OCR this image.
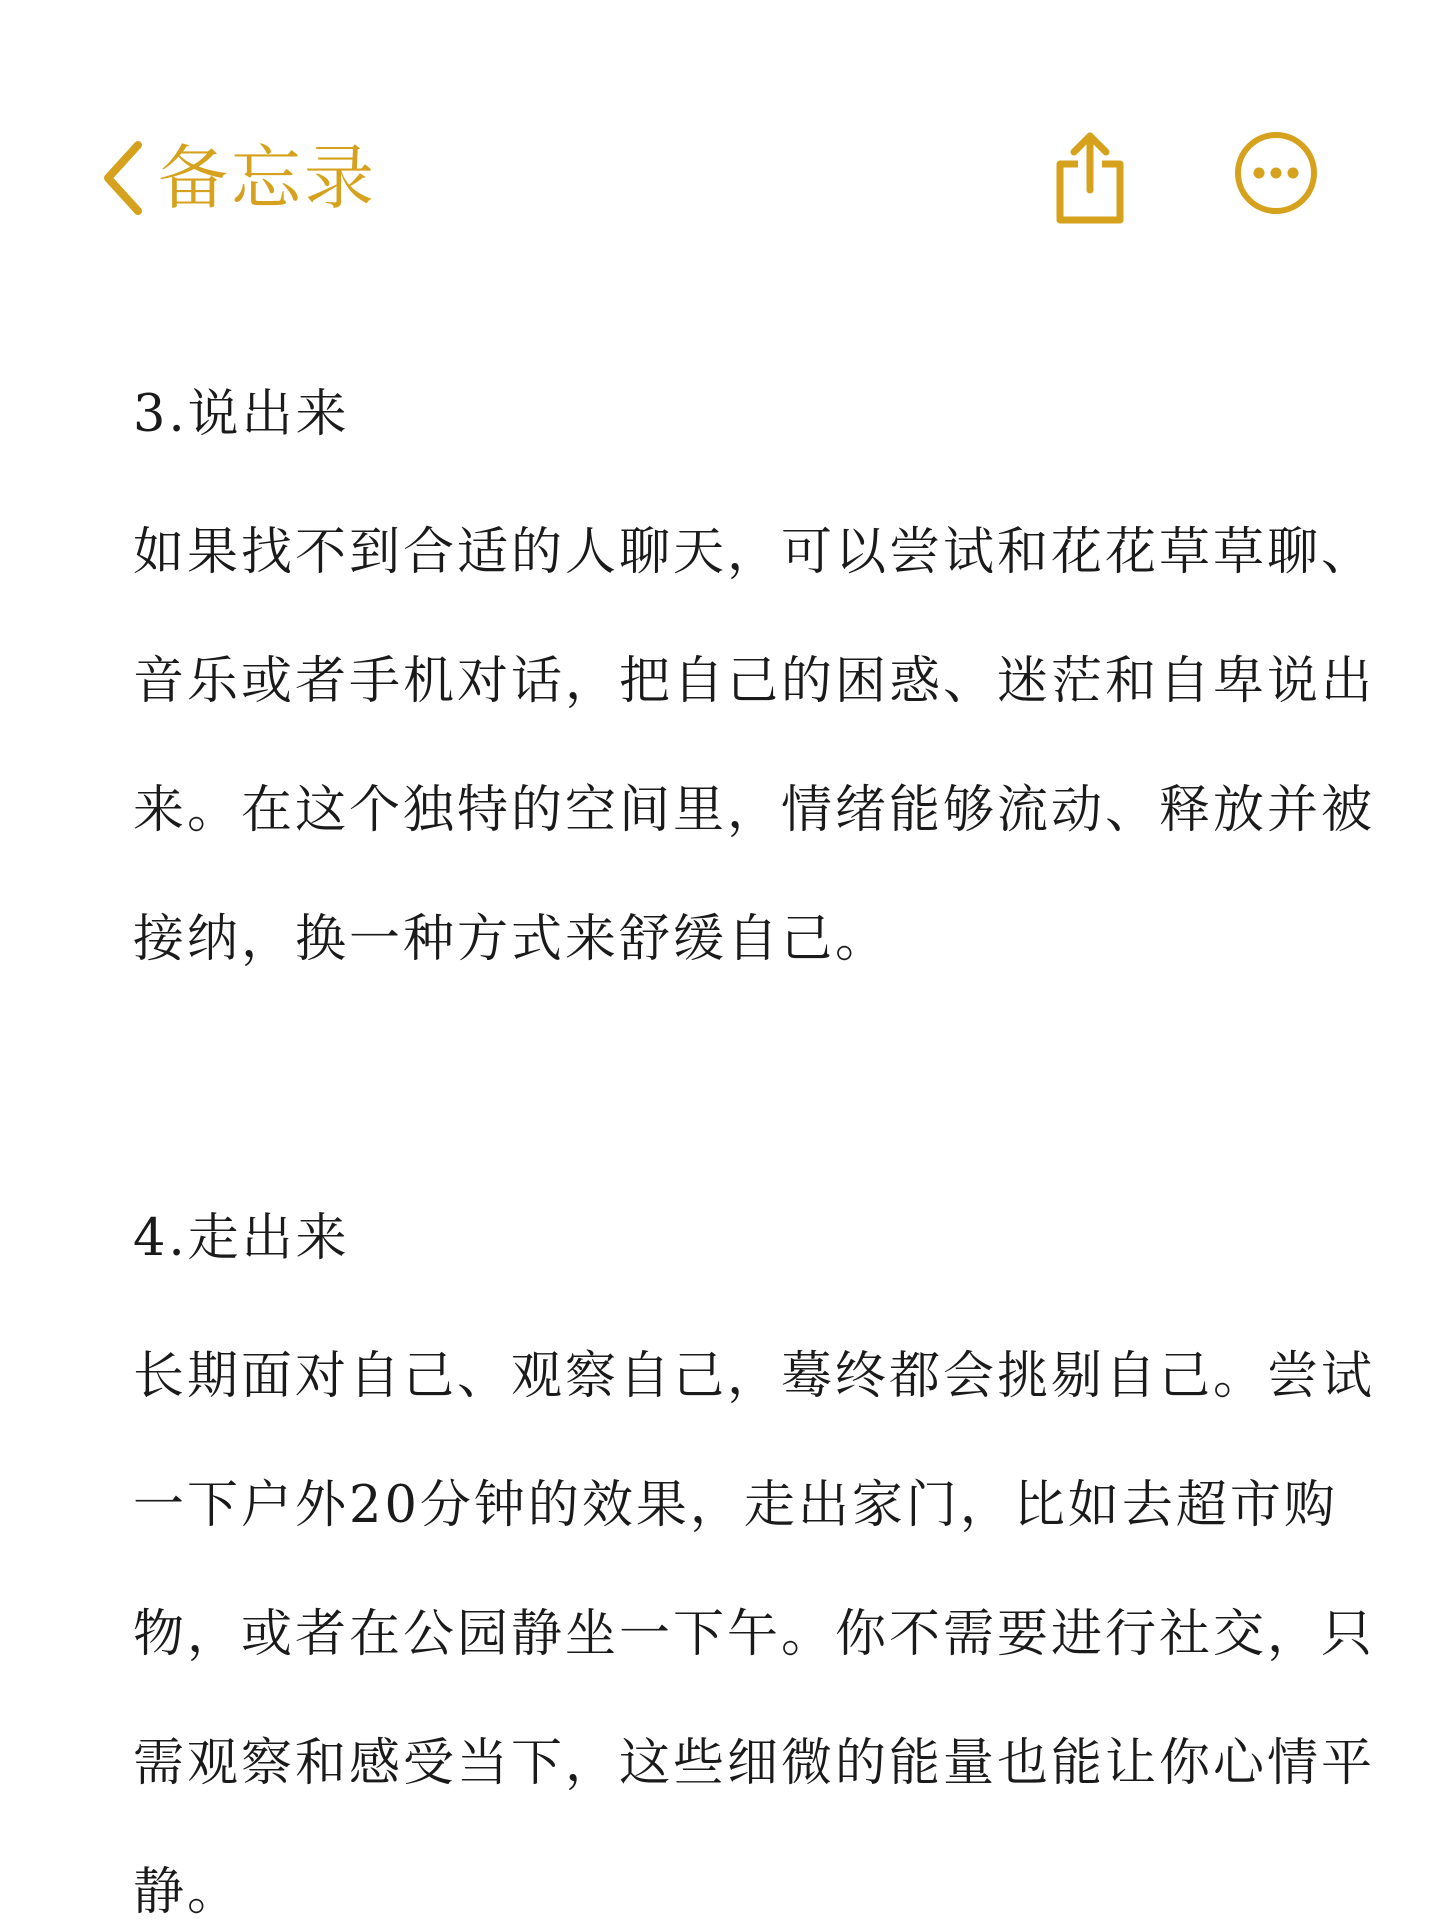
备忘录
3.说出来

如果找不到合适的人聊天，可以尝试和花花草草聊、音乐或者手机对话，把自己的困惑、迷茫和自卑说出来。在这个独特的空间里，情绪能够流动、释放并被接纳，换一种方式来舒缓自己。

4.走出来

长期面对自己、观察自己，蓦终都会挑剔自己。尝试一下户外20分钟的效果，走出家门，比如去超市购物，或者在公园静坐一下午。你不需要进行社交，只需观察和感受当下，这些细微的能量也能让你心情平静。
